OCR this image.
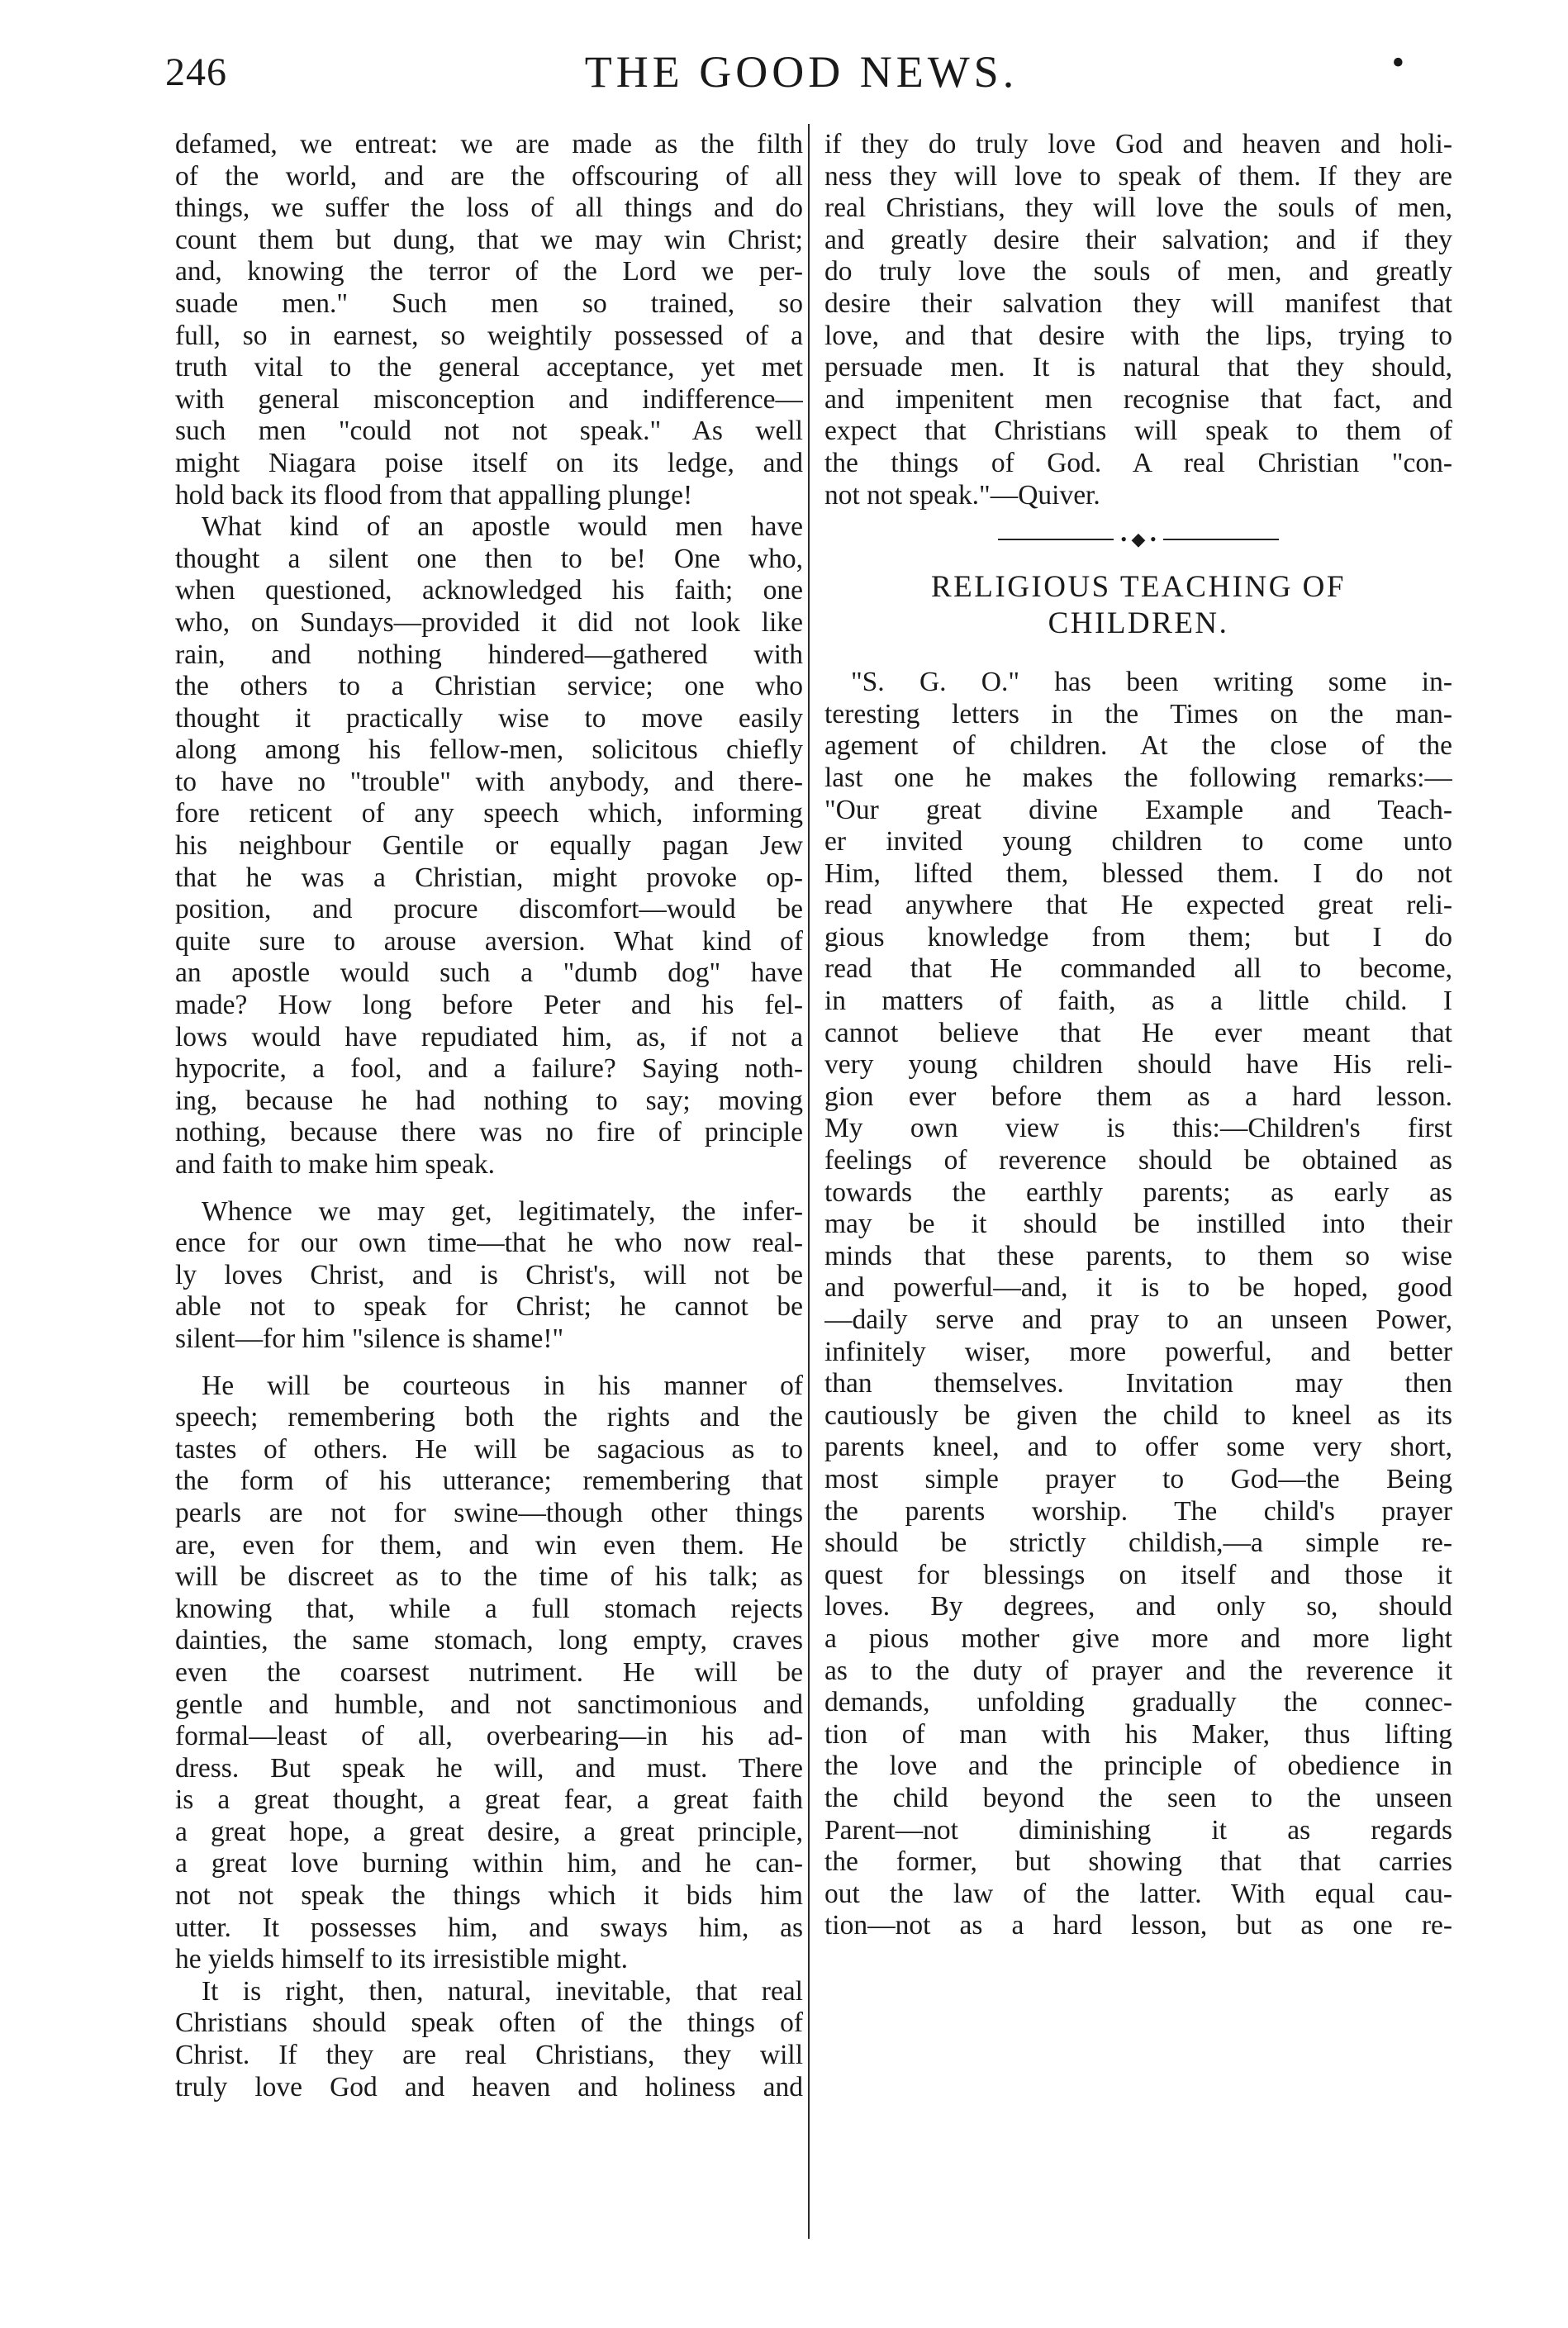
246	THE GOOD NEWS.	•
defamed, we entreat: we are made as the filth
of the world, and are the offscouring of all
things, we suffer the loss of all things and do
count them but dung, that we may win Christ;
and, knowing the terror of the Lord we per-
suade men." Such men so trained, so
full, so in earnest, so weightily possessed of a
truth vital to the general acceptance, yet met
with general misconception and indifference—
such men "could not not speak." As well
might Niagara poise itself on its ledge, and
hold back its flood from that appalling plunge!
What kind of an apostle would men have
thought a silent one then to be! One who,
when questioned, acknowledged his faith; one
who, on Sundays—provided it did not look like
rain, and nothing hindered—gathered with
the others to a Christian service; one who
thought it practically wise to move easily
along among his fellow-men, solicitous chiefly
to have no "trouble" with anybody, and there-
fore reticent of any speech which, informing
his neighbour Gentile or equally pagan Jew
that he was a Christian, might provoke op-
position, and procure discomfort—would be
quite sure to arouse aversion. What kind of
an apostle would such a "dumb dog" have
made? How long before Peter and his fel-
lows would have repudiated him, as, if not a
hypocrite, a fool, and a failure? Saying noth-
ing, because he had nothing to say; moving
nothing, because there was no fire of principle
and faith to make him speak.
Whence we may get, legitimately, the infer-
ence for our own time—that he who now real-
ly loves Christ, and is Christ's, will not be
able not to speak for Christ; he cannot be
silent—for him "silence is shame!"
He will be courteous in his manner of
speech; remembering both the rights and the
tastes of others. He will be sagacious as to
the form of his utterance; remembering that
pearls are not for swine—though other things
are, even for them, and win even them. He
will be discreet as to the time of his talk; as
knowing that, while a full stomach rejects
dainties, the same stomach, long empty, craves
even the coarsest nutriment. He will be
gentle and humble, and not sanctimonious and
formal—least of all, overbearing—in his ad-
dress. But speak he will, and must. There
is a great thought, a great fear, a great faith
a great hope, a great desire, a great principle,
a great love burning within him, and he can-
not not speak the things which it bids him
utter. It possesses him, and sways him, as
he yields himself to its irresistible might.
It is right, then, natural, inevitable, that real
Christians should speak often of the things of
Christ. If they are real Christians, they will
truly love God and heaven and holiness and
if they do truly love God and heaven and holi-
ness they will love to speak of them. If they are
real Christians, they will love the souls of men,
and greatly desire their salvation; and if they
do truly love the souls of men, and greatly
desire their salvation they will manifest that
love, and that desire with the lips, trying to
persuade men. It is natural that they should,
and impenitent men recognise that fact, and
expect that Christians will speak to them of
the things of God. A real Christian "con-
not not speak."—Quiver.
• ◆ •
RELIGIOUS TEACHING OF
CHILDREN.
"S. G. O." has been writing some in-
teresting letters in the Times on the man-
agement of children. At the close of the
last one he makes the following remarks:—
"Our great divine Example and Teach-
er invited young children to come unto
Him, lifted them, blessed them. I do not
read anywhere that He expected great reli-
gious knowledge from them; but I do
read that He commanded all to become,
in matters of faith, as a little child. I
cannot believe that He ever meant that
very young children should have His reli-
gion ever before them as a hard lesson.
My own view is this:—Children's first
feelings of reverence should be obtained as
towards the earthly parents; as early as
may be it should be instilled into their
minds that these parents, to them so wise
and powerful—and, it is to be hoped, good
—daily serve and pray to an unseen Power,
infinitely wiser, more powerful, and better
than themselves. Invitation may then
cautiously be given the child to kneel as its
parents kneel, and to offer some very short,
most simple prayer to God—the Being
the parents worship. The child's prayer
should be strictly childish,—a simple re-
quest for blessings on itself and those it
loves. By degrees, and only so, should
a pious mother give more and more light
as to the duty of prayer and the reverence it
demands, unfolding gradually the connec-
tion of man with his Maker, thus lifting
the love and the principle of obedience in
the child beyond the seen to the unseen
Parent—not diminishing it as regards
the former, but showing that that carries
out the law of the latter. With equal cau-
tion—not as a hard lesson, but as one re-
